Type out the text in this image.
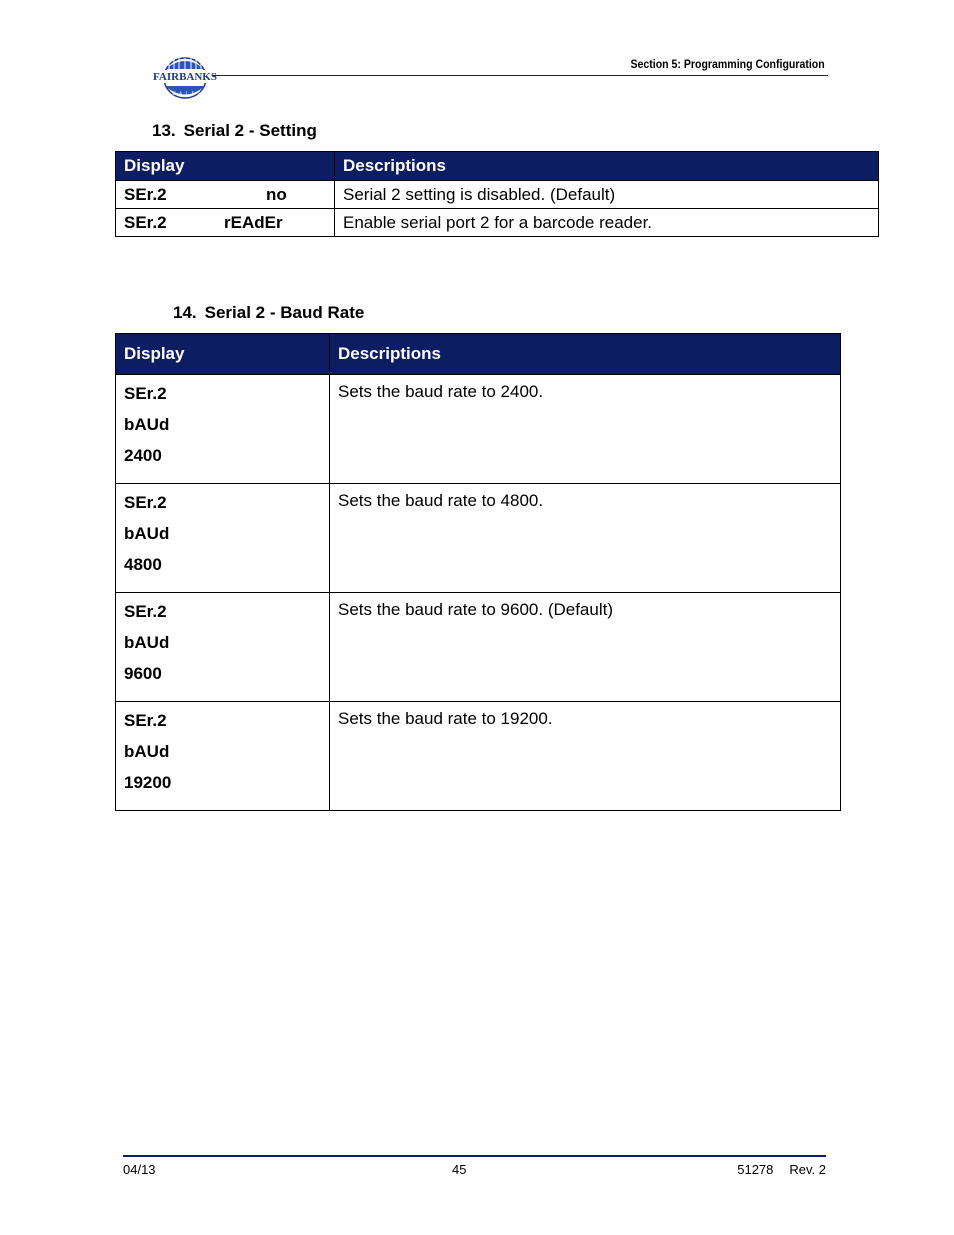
FAIRBANKS
SCALES
Section 5: Programming Configuration
13. Serial 2 - Setting
Display	Descriptions
SEr.2 no	Serial 2 setting is disabled. (Default)
SEr.2 rEAdEr	Enable serial port 2 for a barcode reader.
14. Serial 2 - Baud Rate
Display	Descriptions

SEr.2
bAUd
2400	Sets the baud rate to 2400.

SEr.2
bAUd
4800	Sets the baud rate to 4800.

SEr.2
bAUd
9600	Sets the baud rate to 9600. (Default)

SEr.2
bAUd
19200	Sets the baud rate to 19200.
04/13	45	51278 Rev. 2
